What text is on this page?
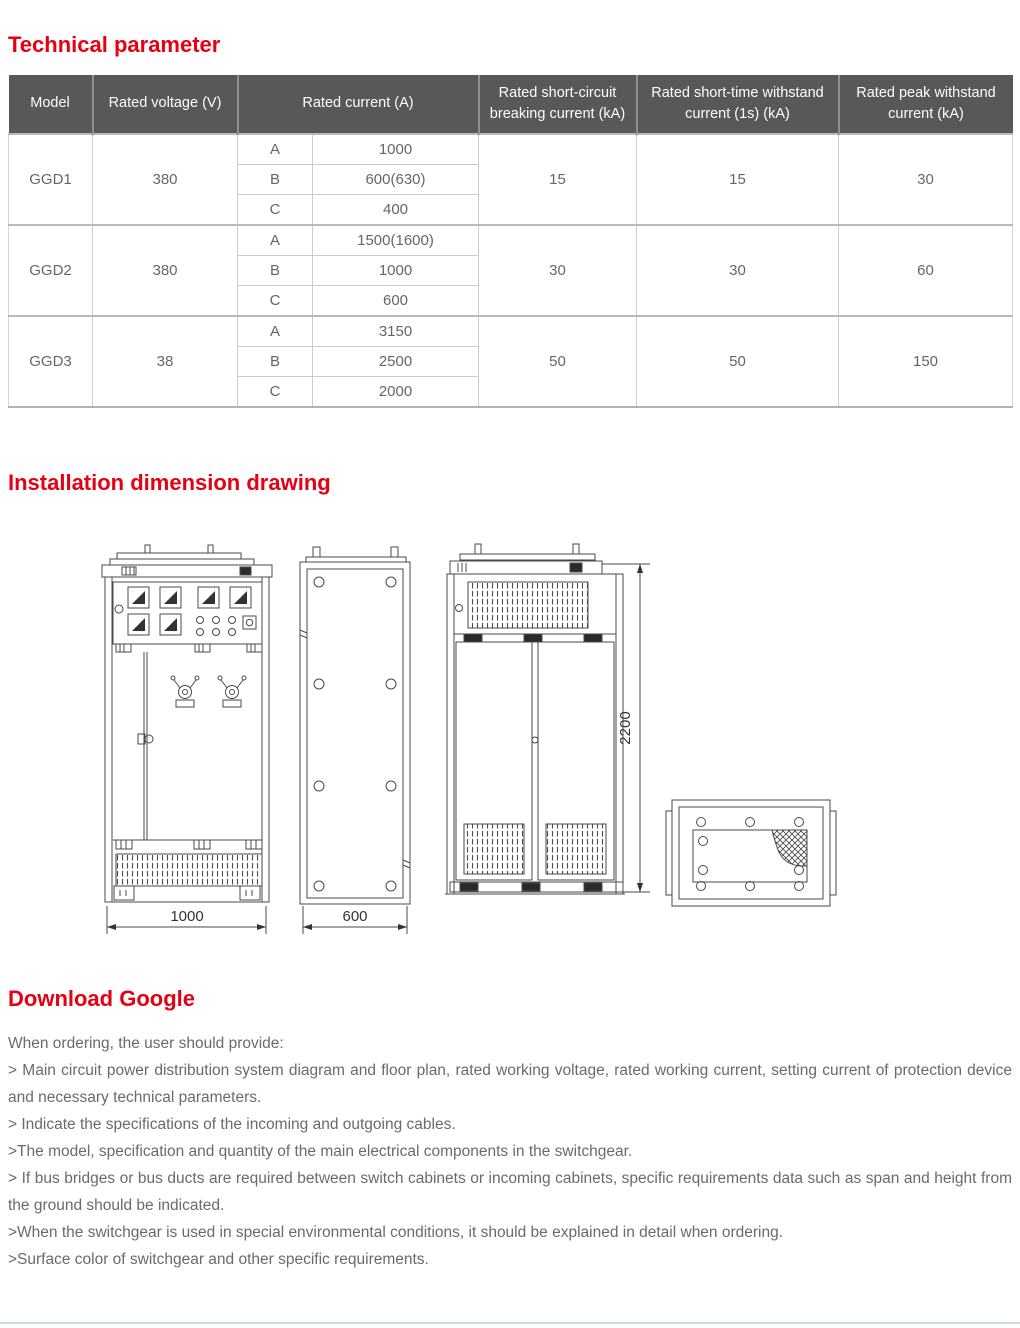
Technical parameter
Model	Rated voltage (V)	Rated current (A)		Rated short-circuit breaking current (kA)	Rated short-time withstand current (1s) (kA)	Rated peak withstand current (kA)
GGD1	380	A	1000	15	15	30
		B	600(630)			
		C	400			
GGD2	380	A	1500(1600)	30	30	60
		B	1000			
		C	600			
GGD3	38	A	3150	50	50	150
		B	2500			
		C	2000			
Installation dimension drawing
1000	600
2200
Download Google

When ordering, the user should provide:

> Main circuit power distribution system diagram and floor plan, rated working voltage, rated working current, setting current of protection device and necessary technical parameters.

> Indicate the specifications of the incoming and outgoing cables.

>The model, specification and quantity of the main electrical components in the switchgear.

> If bus bridges or bus ducts are required between switch cabinets or incoming cabinets, specific requirements data such as span and height from the ground should be indicated.

>When the switchgear is used in special environmental conditions, it should be explained in detail when ordering.

>Surface color of switchgear and other specific requirements.
